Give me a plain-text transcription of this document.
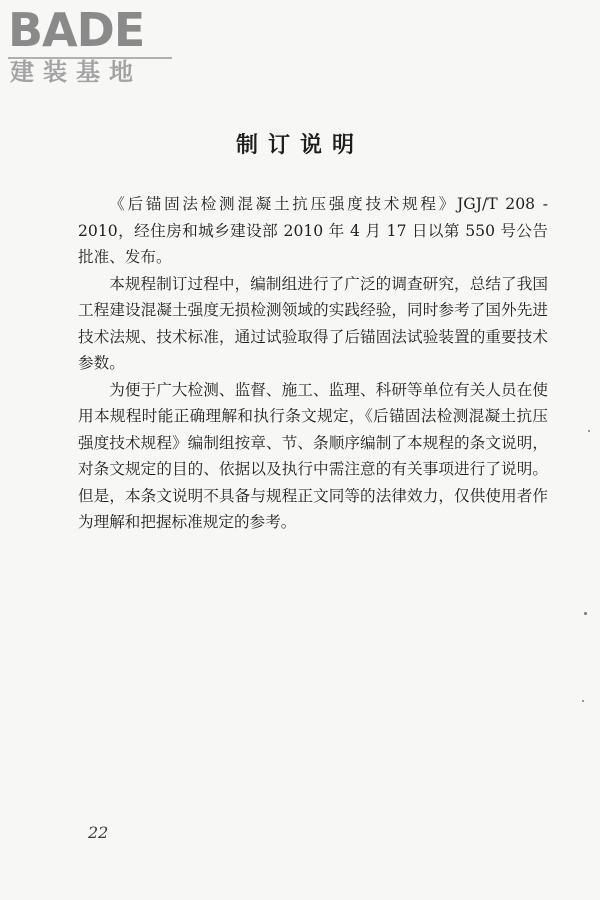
BADE
建装基地
制订说明

《后锚固法检测混凝土抗压强度技术规程》JGJ/T 208 - 2010，经住房和城乡建设部 2010 年 4 月 17 日以第 550 号公告批准、发布。

本规程制订过程中，编制组进行了广泛的调查研究，总结了我国工程建设混凝土强度无损检测领域的实践经验，同时参考了国外先进技术法规、技术标准，通过试验取得了后锚固法试验装置的重要技术参数。

为便于广大检测、监督、施工、监理、科研等单位有关人员在使用本规程时能正确理解和执行条文规定，《后锚固法检测混凝土抗压强度技术规程》编制组按章、节、条顺序编制了本规程的条文说明，对条文规定的目的、依据以及执行中需注意的有关事项进行了说明。但是，本条文说明不具备与规程正文同等的法律效力，仅供使用者作为理解和把握标准规定的参考。

22
